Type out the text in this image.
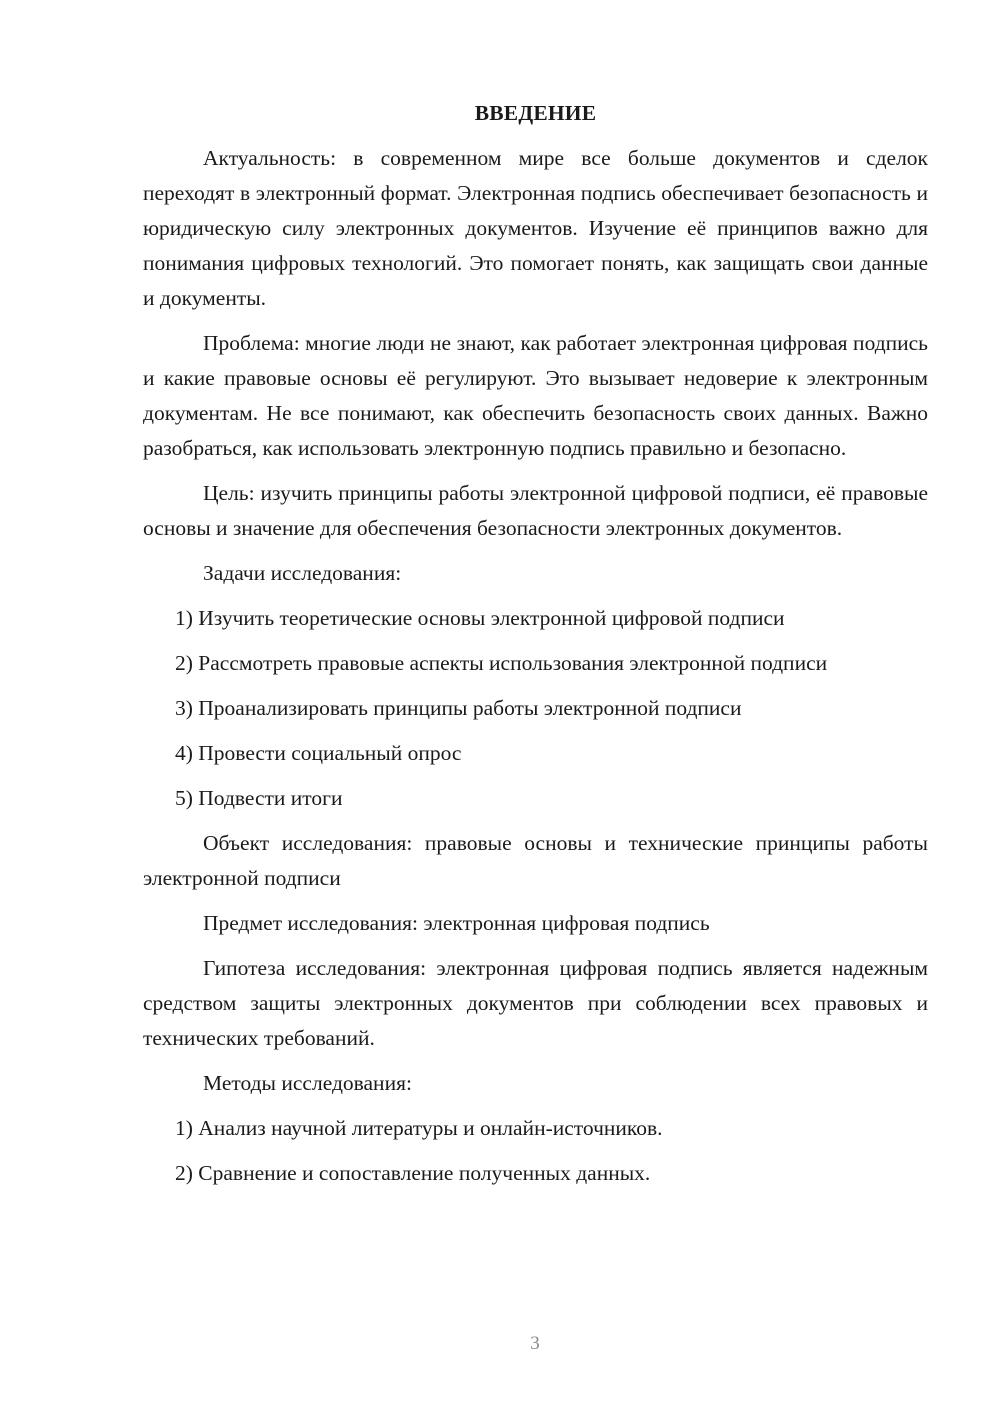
ВВЕДЕНИЕ

Актуальность: в современном мире все больше документов и сделок переходят в электронный формат. Электронная подпись обеспечивает безопасность и юридическую силу электронных документов. Изучение её принципов важно для понимания цифровых технологий. Это помогает понять, как защищать свои данные и документы.

Проблема: многие люди не знают, как работает электронная цифровая подпись и какие правовые основы её регулируют. Это вызывает недоверие к электронным документам. Не все понимают, как обеспечить безопасность своих данных. Важно разобраться, как использовать электронную подпись правильно и безопасно.

Цель: изучить принципы работы электронной цифровой подписи, её правовые основы и значение для обеспечения безопасности электронных документов.

Задачи исследования:

1) Изучить теоретические основы электронной цифровой подписи

2) Рассмотреть правовые аспекты использования электронной подписи

3) Проанализировать принципы работы электронной подписи

4) Провести социальный опрос

5) Подвести итоги

Объект исследования: правовые основы и технические принципы работы электронной подписи

Предмет исследования: электронная цифровая подпись

Гипотеза исследования: электронная цифровая подпись является надежным средством защиты электронных документов при соблюдении всех правовых и технических требований.

Методы исследования:

1) Анализ научной литературы и онлайн-источников.

2) Сравнение и сопоставление полученных данных.

3
